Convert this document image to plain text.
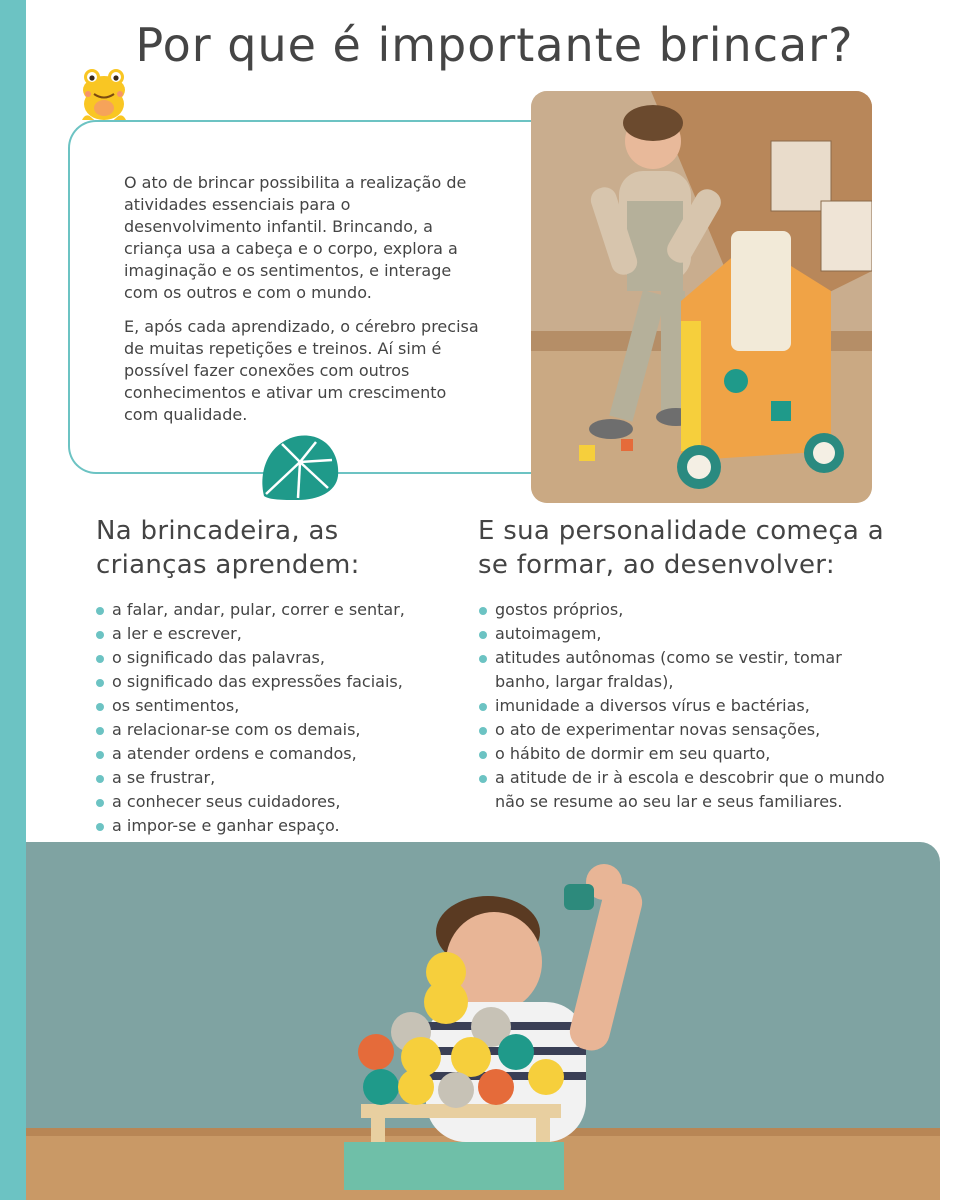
Por que é importante brincar?

O ato de brincar possibilita a realização de atividades essenciais para o desenvolvimento infantil. Brincando, a criança usa a cabeça e o corpo, explora a imaginação e os sentimentos, e interage com os outros e com o mundo.

E, após cada aprendizado, o cérebro precisa de muitas repetições e treinos. Aí sim é possível fazer conexões com outros conhecimentos e ativar um crescimento com qualidade.

Na brincadeira, as crianças aprendem:
E sua personalidade começa a se formar, ao desenvolver:
a falar, andar, pular, correr e sentar,
a ler e escrever,
o significado das palavras,
o significado das expressões faciais,
os sentimentos,
a relacionar-se com os demais,
a atender ordens e comandos,
a se frustrar,
a conhecer seus cuidadores,
a impor-se e ganhar espaço.
gostos próprios,
autoimagem,
atitudes autônomas (como se vestir, tomar banho, largar fraldas),
imunidade a diversos vírus e bactérias,
o ato de experimentar novas sensações,
o hábito de dormir em seu quarto,
a atitude de ir à escola e descobrir que o mundo não se resume ao seu lar e seus familiares.
